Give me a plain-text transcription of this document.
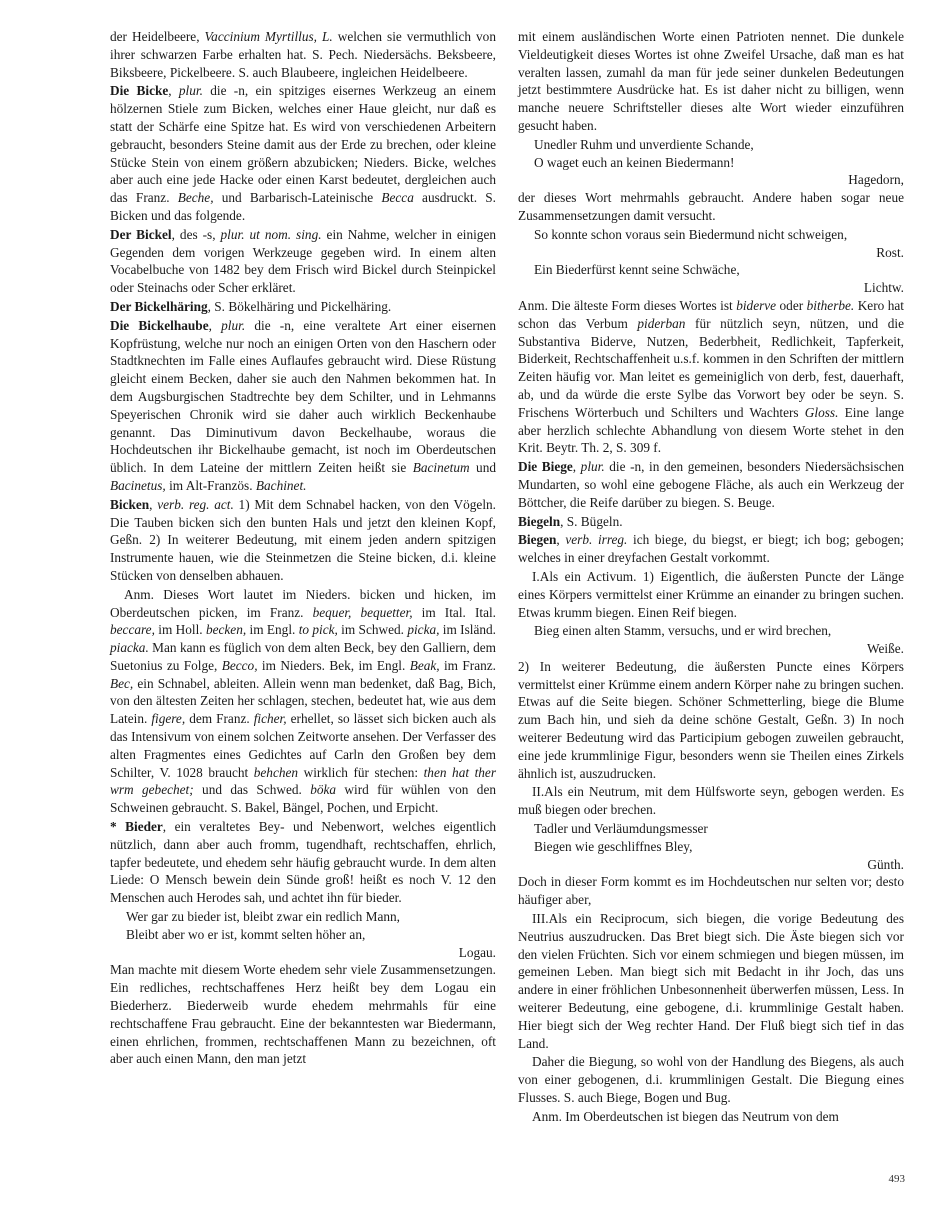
der Heidelbeere, Vaccinium Myrtillus, L. welchen sie vermuthlich von ihrer schwarzen Farbe erhalten hat. S. Pech. Niedersächs. Beksbeere, Biksbeere, Pickelbeere. S. auch Blaubeere, ingleichen Heidelbeere.

Die Bicke, plur. die -n, ein spitziges eisernes Werkzeug an einem hölzernen Stiele zum Bicken, welches einer Haue gleicht, nur daß es statt der Schärfe eine Spitze hat. Es wird von verschiedenen Arbeitern gebraucht, besonders Steine damit aus der Erde zu brechen, oder kleine Stücke Stein von einem größern abzubicken; Nieders. Bicke, welches aber auch eine jede Hacke oder einen Karst bedeutet, dergleichen auch das Franz. Beche, und Barbarisch-Lateinische Becca ausdruckt. S. Bicken und das folgende.

Der Bickel, des -s, plur. ut nom. sing. ein Nahme, welcher in einigen Gegenden dem vorigen Werkzeuge gegeben wird. In einem alten Vocabelbuche von 1482 bey dem Frisch wird Bickel durch Steinpickel oder Steinachs oder Scher erkläret.

Der Bickelhäring, S. Bökelhäring und Pickelhäring.

Die Bickelhaube, plur. die -n, eine veraltete Art einer eisernen Kopfrüstung, welche nur noch an einigen Orten von den Haschern oder Stadtknechten im Falle eines Auflaufes gebraucht wird. Diese Rüstung gleicht einem Becken, daher sie auch den Nahmen bekommen hat. In dem Augsburgischen Stadtrechte bey dem Schilter, und in Lehmanns Speyerischen Chronik wird sie daher auch wirklich Beckenhaube genannt. Das Diminutivum davon Beckelhaube, woraus die Hochdeutschen ihr Bickelhaube gemacht, ist noch im Oberdeutschen üblich. In dem Lateine der mittlern Zeiten heißt sie Bacinetum und Bacinetus, im Alt-Französ. Bachinet.

Bicken, verb. reg. act. 1) Mit dem Schnabel hacken, von den Vögeln. Die Tauben bicken sich den bunten Hals und jetzt den kleinen Kopf, Geßn. 2) In weiterer Bedeutung, mit einem jeden andern spitzigen Instrumente hauen, wie die Steinmetzen die Steine bicken, d.i. kleine Stücken von denselben abhauen.

Anm. Dieses Wort lautet im Nieders. bicken und hicken, im Oberdeutschen picken, im Franz. bequer, bequetter, im Ital. Ital. beccare, im Holl. becken, im Engl. to pick, im Schwed. picka, im Isländ. piacka. Man kann es füglich von dem alten Beck, bey den Galliern, dem Suetonius zu Folge, Becco, im Nieders. Bek, im Engl. Beak, im Franz. Bec, ein Schnabel, ableiten. Allein wenn man bedenket, daß Bag, Bich, von den ältesten Zeiten her schlagen, stechen, bedeutet hat, wie aus dem Latein. figere, dem Franz. ficher, erhellet, so lässet sich bicken auch als das Intensivum von einem solchen Zeitworte ansehen. Der Verfasser des alten Fragmentes eines Gedichtes auf Carln den Großen bey dem Schilter, V. 1028 braucht behchen wirklich für stechen: then hat ther wrm gebechet; und das Schwed. böka wird für wühlen von den Schweinen gebraucht. S. Bakel, Bängel, Pochen, und Erpicht.

* Bieder, ein veraltetes Bey- und Nebenwort, welches eigentlich nützlich, dann aber auch fromm, tugendhaft, rechtschaffen, ehrlich, tapfer bedeutete, und ehedem sehr häufig gebraucht wurde. In dem alten Liede: O Mensch bewein dein Sünde groß! heißt es noch V. 12 den Menschen auch Herodes sah, und achtet ihn für bieder.

Wer gar zu bieder ist, bleibt zwar ein redlich Mann,

Bleibt aber wo er ist, kommt selten höher an,

Logau.

Man machte mit diesem Worte ehedem sehr viele Zusammensetzungen. Ein redliches, rechtschaffenes Herz heißt bey dem Logau ein Biederherz. Biederweib wurde ehedem mehrmahls für eine rechtschaffene Frau gebraucht. Eine der bekanntesten war Biedermann, einen ehrlichen, frommen, rechtschaffenen Mann zu bezeichnen, oft aber auch einen Mann, den man jetzt

mit einem ausländischen Worte einen Patrioten nennet. Die dunkele Vieldeutigkeit dieses Wortes ist ohne Zweifel Ursache, daß man es hat veralten lassen, zumahl da man für jede seiner dunkelen Bedeutungen jetzt bestimmtere Ausdrücke hat. Es ist daher nicht zu billigen, wenn manche neuere Schriftsteller dieses alte Wort wieder einzuführen gesucht haben.

Unedler Ruhm und unverdiente Schande,

O waget euch an keinen Biedermann!

Hagedorn,

der dieses Wort mehrmahls gebraucht. Andere haben sogar neue Zusammensetzungen damit versucht.

So konnte schon voraus sein Biedermund nicht schweigen,

Rost.

Ein Biederfürst kennt seine Schwäche,

Lichtw.

Anm. Die älteste Form dieses Wortes ist biderve oder bitherbe. Kero hat schon das Verbum piderban für nützlich seyn, nützen, und die Substantiva Biderve, Nutzen, Bederbheit, Redlichkeit, Tapferkeit, Biderkeit, Rechtschaffenheit u.s.f. kommen in den Schriften der mittlern Zeiten häufig vor. Man leitet es gemeiniglich von derb, fest, dauerhaft, ab, und da würde die erste Sylbe das Vorwort bey oder be seyn. S. Frischens Wörterbuch und Schilters und Wachters Gloss. Eine lange aber herzlich schlechte Abhandlung von diesem Worte stehet in den Krit. Beytr. Th. 2, S. 309 f.

Die Biege, plur. die -n, in den gemeinen, besonders Niedersächsischen Mundarten, so wohl eine gebogene Fläche, als auch ein Werkzeug der Böttcher, die Reife darüber zu biegen. S. Beuge.

Biegeln, S. Bügeln.

Biegen, verb. irreg. ich biege, du biegst, er biegt; ich bog; gebogen; welches in einer dreyfachen Gestalt vorkommt.

I.Als ein Activum. 1) Eigentlich, die äußersten Puncte der Länge eines Körpers vermittelst einer Krümme an einander zu bringen suchen. Etwas krumm biegen. Einen Reif biegen.

Bieg einen alten Stamm, versuchs, und er wird brechen,

Weiße.

2) In weiterer Bedeutung, die äußersten Puncte eines Körpers vermittelst einer Krümme einem andern Körper nahe zu bringen suchen. Etwas auf die Seite biegen. Schöner Schmetterling, biege die Blume zum Bach hin, und sieh da deine schöne Gestalt, Geßn. 3) In noch weiterer Bedeutung wird das Participium gebogen zuweilen gebraucht, eine jede krummlinige Figur, besonders wenn sie Theilen eines Zirkels ähnlich ist, auszudrucken.

II.Als ein Neutrum, mit dem Hülfsworte seyn, gebogen werden. Es muß biegen oder brechen.

Tadler und Verläumdungsmesser

Biegen wie geschliffnes Bley,

Günth.

Doch in dieser Form kommt es im Hochdeutschen nur selten vor; desto häufiger aber,

III.Als ein Reciprocum, sich biegen, die vorige Bedeutung des Neutrius auszudrucken. Das Bret biegt sich. Die Äste biegen sich vor den vielen Früchten. Sich vor einem schmiegen und biegen müssen, im gemeinen Leben. Man biegt sich mit Bedacht in ihr Joch, das uns andere in einer fröhlichen Unbesonnenheit überwerfen müssen, Less. In weiterer Bedeutung, eine gebogene, d.i. krummlinige Gestalt haben. Hier biegt sich der Weg rechter Hand. Der Fluß biegt sich tief in das Land.

Daher die Biegung, so wohl von der Handlung des Biegens, als auch von einer gebogenen, d.i. krummlinigen Gestalt. Die Biegung eines Flusses. S. auch Biege, Bogen und Bug.

Anm. Im Oberdeutschen ist biegen das Neutrum von dem

493
